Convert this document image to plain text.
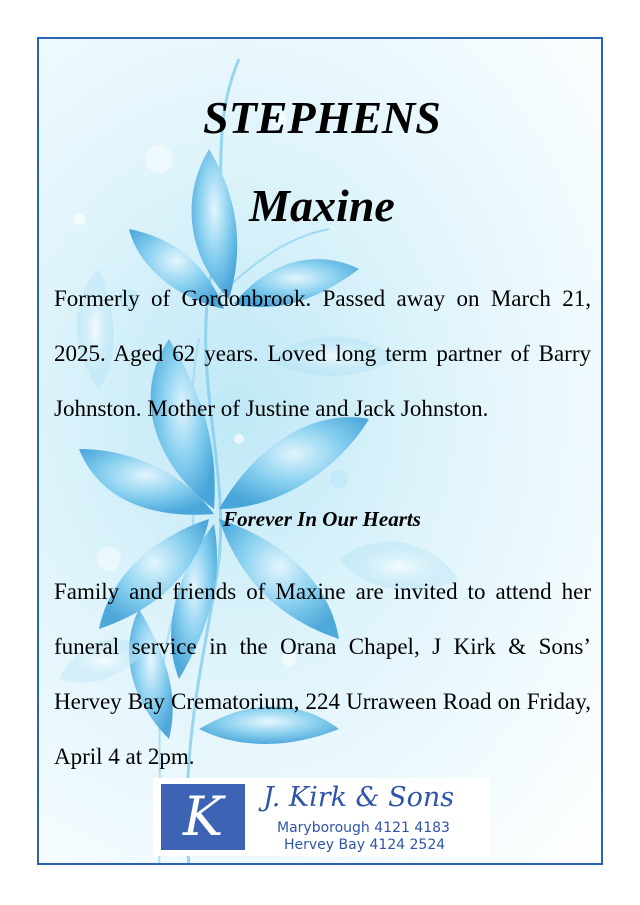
STEPHENS
Maxine

Formerly of Gordonbrook. Passed away on March 21, 2025. Aged 62 years. Loved long term partner of Barry Johnston. Mother of Justine and Jack Johnston.

Forever In Our Hearts

Family and friends of Maxine are invited to attend her funeral service in the Orana Chapel, J Kirk & Sons’ Hervey Bay Crematorium, 224 Urraween Road on Friday, April 4 at 2pm.

K	J. Kirk & Sons
Maryborough 4121 4183
Hervey Bay 4124 2524
